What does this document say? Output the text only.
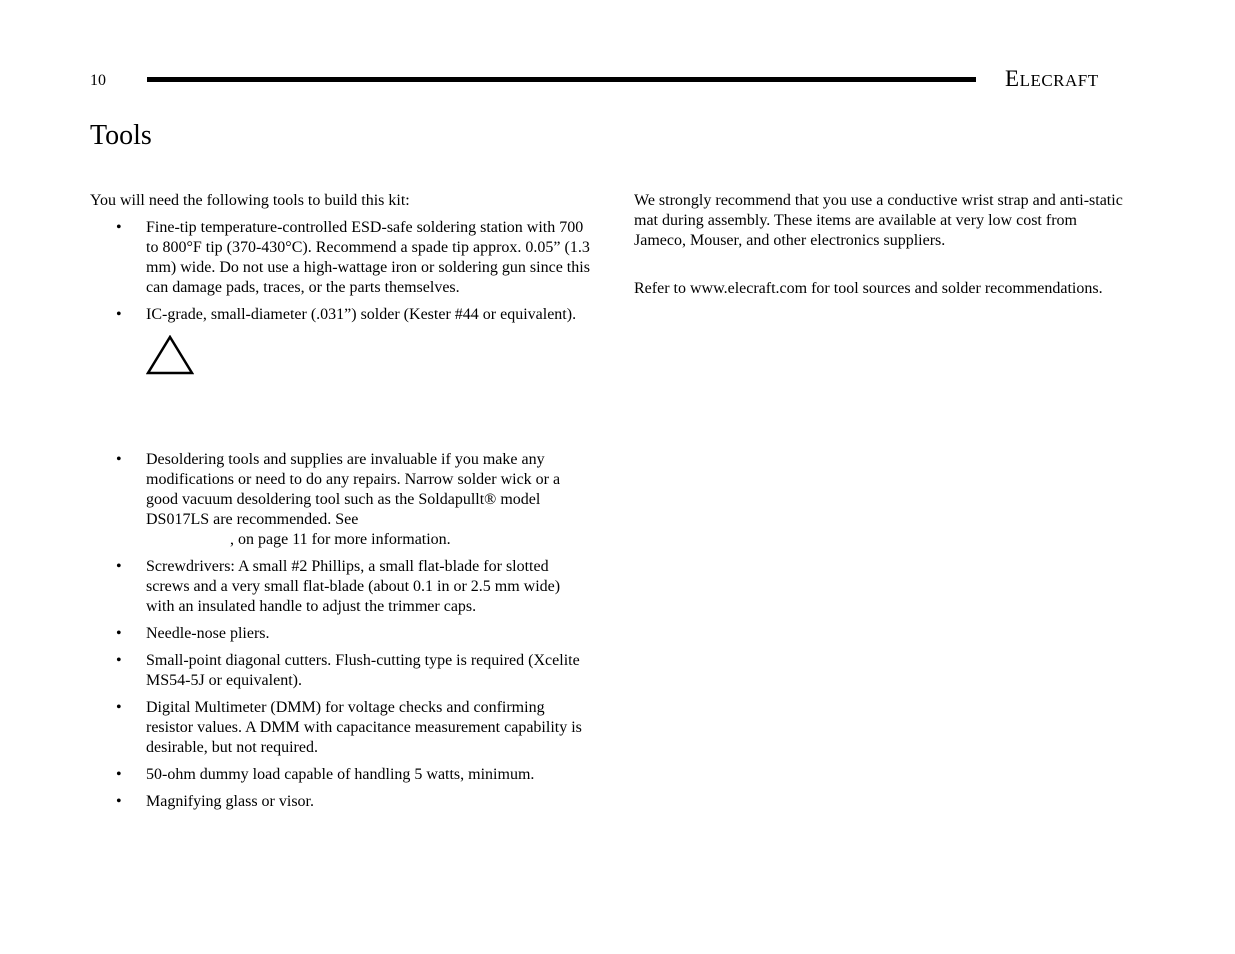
10	ELECRAFT
Tools

You will need the following tools to build this kit:

• Fine-tip temperature-controlled ESD-safe soldering station with 700 to 800°F tip (370-430°C). Recommend a spade tip approx. 0.05” (1.3 mm) wide. Do not use a high-wattage iron or soldering gun since this can damage pads, traces, or the parts themselves.
• IC-grade, small-diameter (.031”) solder (Kester #44 or equivalent).
• Desoldering tools and supplies are invaluable if you make any modifications or need to do any repairs. Narrow solder wick or a good vacuum desoldering tool such as the Soldapullt® model DS017LS are recommended. See
, on page 11 for more information.
• Screwdrivers: A small #2 Phillips, a small flat-blade for slotted screws and a very small flat-blade (about 0.1 in or 2.5 mm wide) with an insulated handle to adjust the trimmer caps.
• Needle-nose pliers.
• Small-point diagonal cutters. Flush-cutting type is required (Xcelite MS54-5J or equivalent).
• Digital Multimeter (DMM) for voltage checks and confirming resistor values. A DMM with capacitance measurement capability is desirable, but not required.
• 50-ohm dummy load capable of handling 5 watts, minimum.
• Magnifying glass or visor.

We strongly recommend that you use a conductive wrist strap and anti-static mat during assembly. These items are available at very low cost from Jameco, Mouser, and other electronics suppliers.

Refer to www.elecraft.com for tool sources and solder recommendations.
